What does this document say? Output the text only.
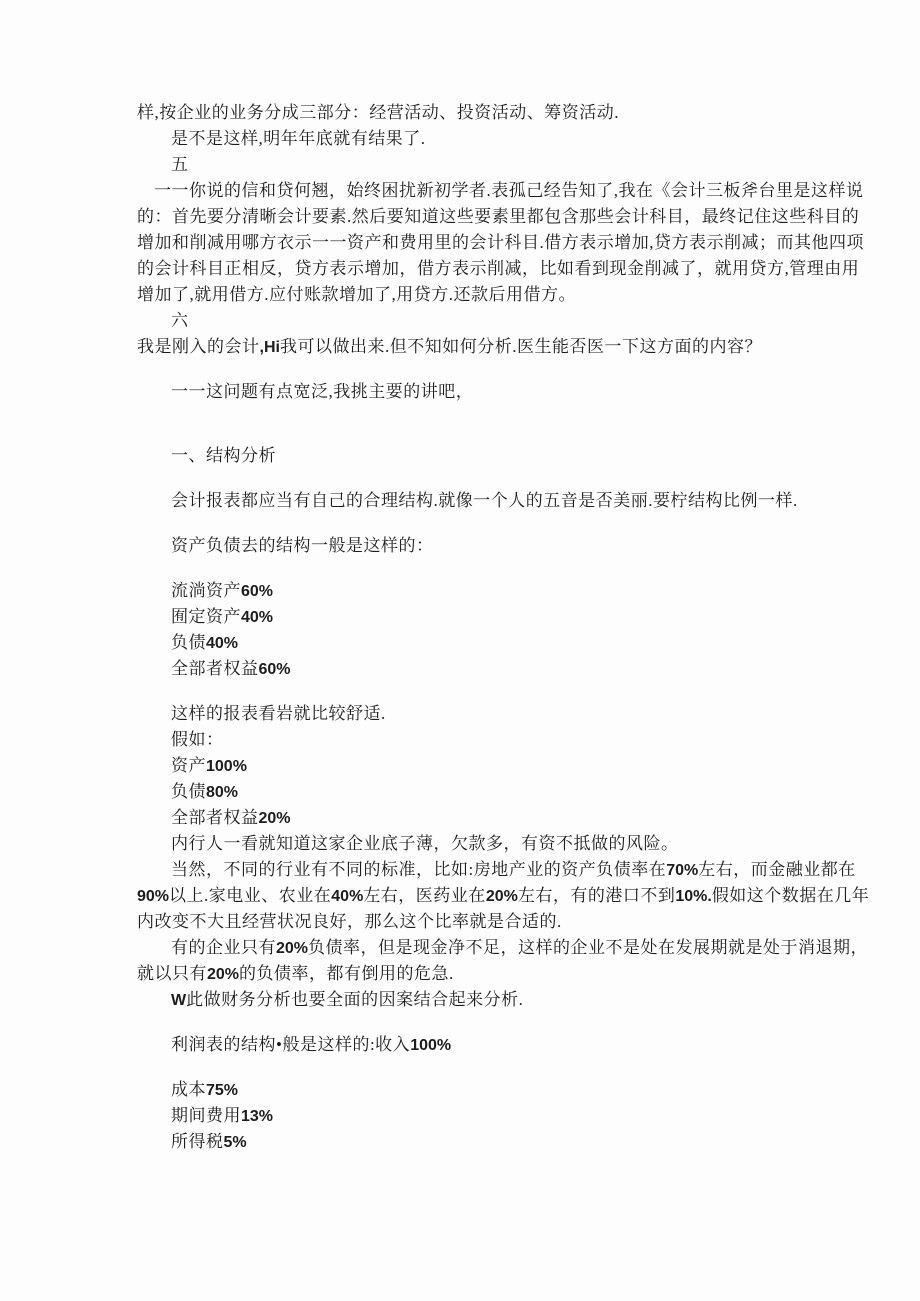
样,按企业的业务分成三部分：经营活动、投资活动、筹资活动.
是不是这样,明年年底就有结果了.
五
一一你说的信和贷何翘，始终困扰新初学者.表孤己经告知了,我在《会计三板斧台里是这样说
的：首先要分清晰会计要素.然后要知道这些要素里都包含那些会计科目，最终记住这些科目的
增加和削减用哪方衣示一一资产和费用里的会计科目.借方表示增加,贷方表示削减；而其他四项
的会计科目正相反，贷方表示增加，借方表示削减，比如看到现金削减了，就用贷方,管理由用
增加了,就用借方.应付账款增加了,用贷方.还款后用借方。
六
我是刚入的会计,Hi我可以做出来.但不知如何分析.医生能否医一下这方面的内容？
一一这问题有点宽泛,我挑主要的讲吧，
一、结构分析
会计报表都应当有自己的合理结构.就像一个人的五音是否美丽.要柠结构比例一样.
资产负债去的结构一般是这样的：
流淌资产60%
囿定资产40%
负债40%
全部者权益60%
这样的报表看岩就比较舒适.
假如：
资产100%
负债80%
全部者权益20%
内行人一看就知道这家企业底子薄，欠款多，有资不抵做的风险。
当然，不同的行业有不同的标准，比如:房地产业的资产负债率在70%左右，而金融业都在
90%以上.家电业、农业在40%左右，医药业在20%左右，有的港口不到10%.假如这个数据在几年
内改变不大且经营状况良好，那么这个比率就是合适的.
有的企业只有20%负债率，但是现金净不足，这样的企业不是处在发展期就是处于消退期，
就以只有20%的负债率，都有倒用的危急.
W此做财务分析也要全面的因案结合起来分析.
利润表的结构•般是这样的:收入100%
成本75%
期间费用13%
所得税5%
